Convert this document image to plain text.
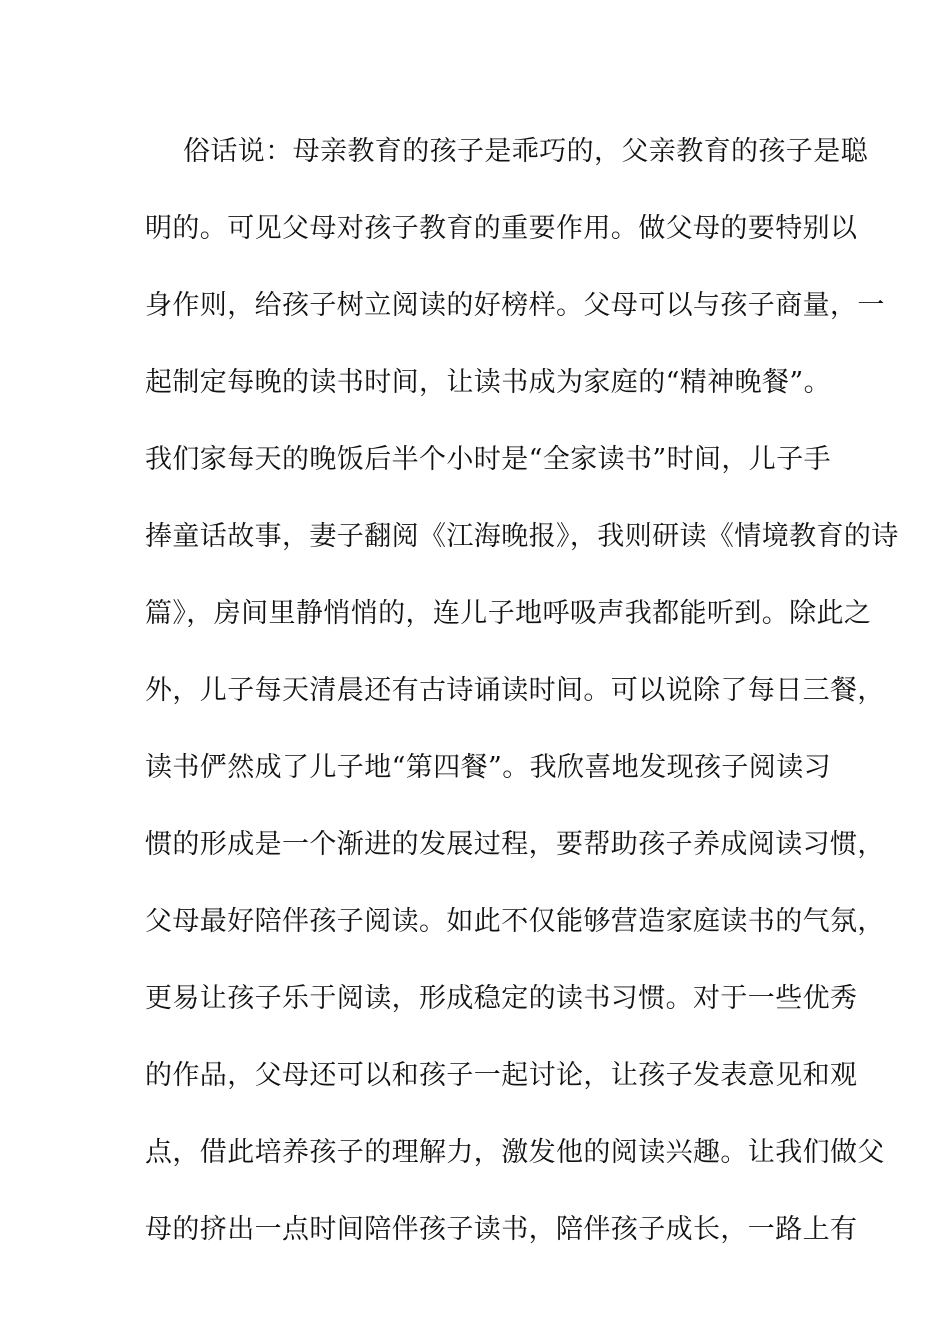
俗话说：母亲教育的孩子是乖巧的，父亲教育的孩子是聪
明的。可见父母对孩子教育的重要作用。做父母的要特别以
身作则，给孩子树立阅读的好榜样。父母可以与孩子商量，一
起制定每晚的读书时间，让读书成为家庭的“精神晚餐”。
我们家每天的晚饭后半个小时是“全家读书”时间，儿子手
捧童话故事，妻子翻阅《江海晚报》，我则研读《情境教育的诗
篇》，房间里静悄悄的，连儿子地呼吸声我都能听到。除此之
外，儿子每天清晨还有古诗诵读时间。可以说除了每日三餐，
读书俨然成了儿子地“第四餐”。我欣喜地发现孩子阅读习
惯的形成是一个渐进的发展过程，要帮助孩子养成阅读习惯，
父母最好陪伴孩子阅读。如此不仅能够营造家庭读书的气氛，
更易让孩子乐于阅读，形成稳定的读书习惯。对于一些优秀
的作品，父母还可以和孩子一起讨论，让孩子发表意见和观
点，借此培养孩子的理解力，激发他的阅读兴趣。让我们做父
母的挤出一点时间陪伴孩子读书，陪伴孩子成长，一路上有
